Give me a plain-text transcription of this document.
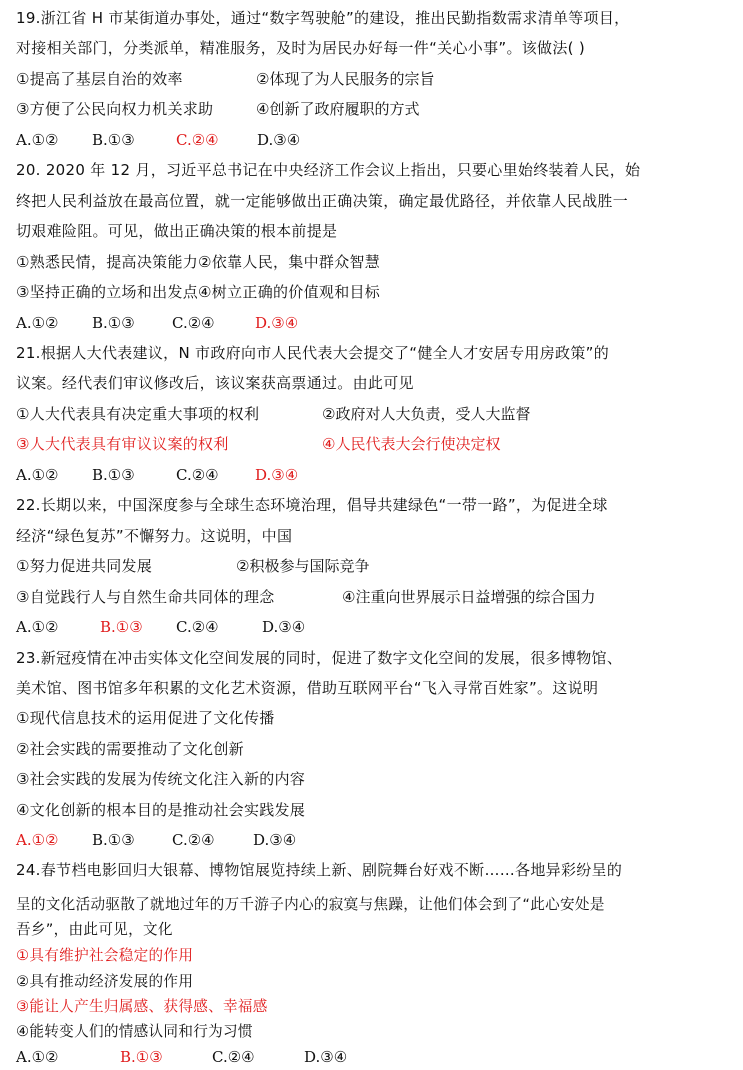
19.浙江省 H 市某街道办事处，通过“数字驾驶舱”的建设，推出民勤指数需求清单等项目，
对接相关部门，分类派单，精准服务，及时为居民办好每一件“关心小事”。该做法( )
①提高了基层自治的效率	②体现了为人民服务的宗旨
③方便了公民向权力机关求助	④创新了政府履职的方式
A.①② B.①③	C.②④	D.③④
20. 2020 年 12 月，习近平总书记在中央经济工作会议上指出，只要心里始终装着人民，始
终把人民利益放在最高位置，就一定能够做出正确决策，确定最优路径，并依靠人民战胜一
切艰难险阻。可见，做出正确决策的根本前提是
①熟悉民情，提高决策能力②依靠人民，集中群众智慧
③坚持正确的立场和出发点④树立正确的价值观和目标
A.①② B.①③ C.②④	D.③④
21.根据人大代表建议，N 市政府向市人民代表大会提交了“健全人才安居专用房政策”的
议案。经代表们审议修改后，该议案获高票通过。由此可见
①人大代表具有决定重大事项的权利	②政府对人大负责，受人大监督
③人大代表具有审议议案的权利	④人民代表大会行使决定权
A.①② B.①③	C.②④ D.③④
22.长期以来，中国深度参与全球生态环境治理，倡导共建绿色“一带一路”，为促进全球
经济“绿色复苏”不懈努力。这说明，中国
①努力促进共同发展	②积极参与国际竞争
③自觉践行人与自然生命共同体的理念	④注重向世界展示日益增强的综合国力
A.①②	B.①③ C.②④	D.③④
23.新冠疫情在冲击实体文化空间发展的同时，促进了数字文化空间的发展，很多博物馆、
美术馆、图书馆多年积累的文化艺术资源，借助互联网平台“飞入寻常百姓家”。这说明
①现代信息技术的运用促进了文化传播
②社会实践的需要推动了文化创新
③社会实践的发展为传统文化注入新的内容
④文化创新的根本目的是推动社会实践发展
A.①② B.①③ C.②④	D.③④
24.春节档电影回归大银幕、博物馆展览持续上新、剧院舞台好戏不断……各地异彩纷呈的
呈的文化活动驱散了就地过年的万千游子内心的寂寞与焦躁，让他们体会到了“此心安处是
吾乡”，由此可见，文化
①具有维护社会稳定的作用
②具有推动经济发展的作用
③能让人产生归属感、获得感、幸福感
④能转变人们的情感认同和行为习惯
A.①②	B.①③	C.②④	D.③④
